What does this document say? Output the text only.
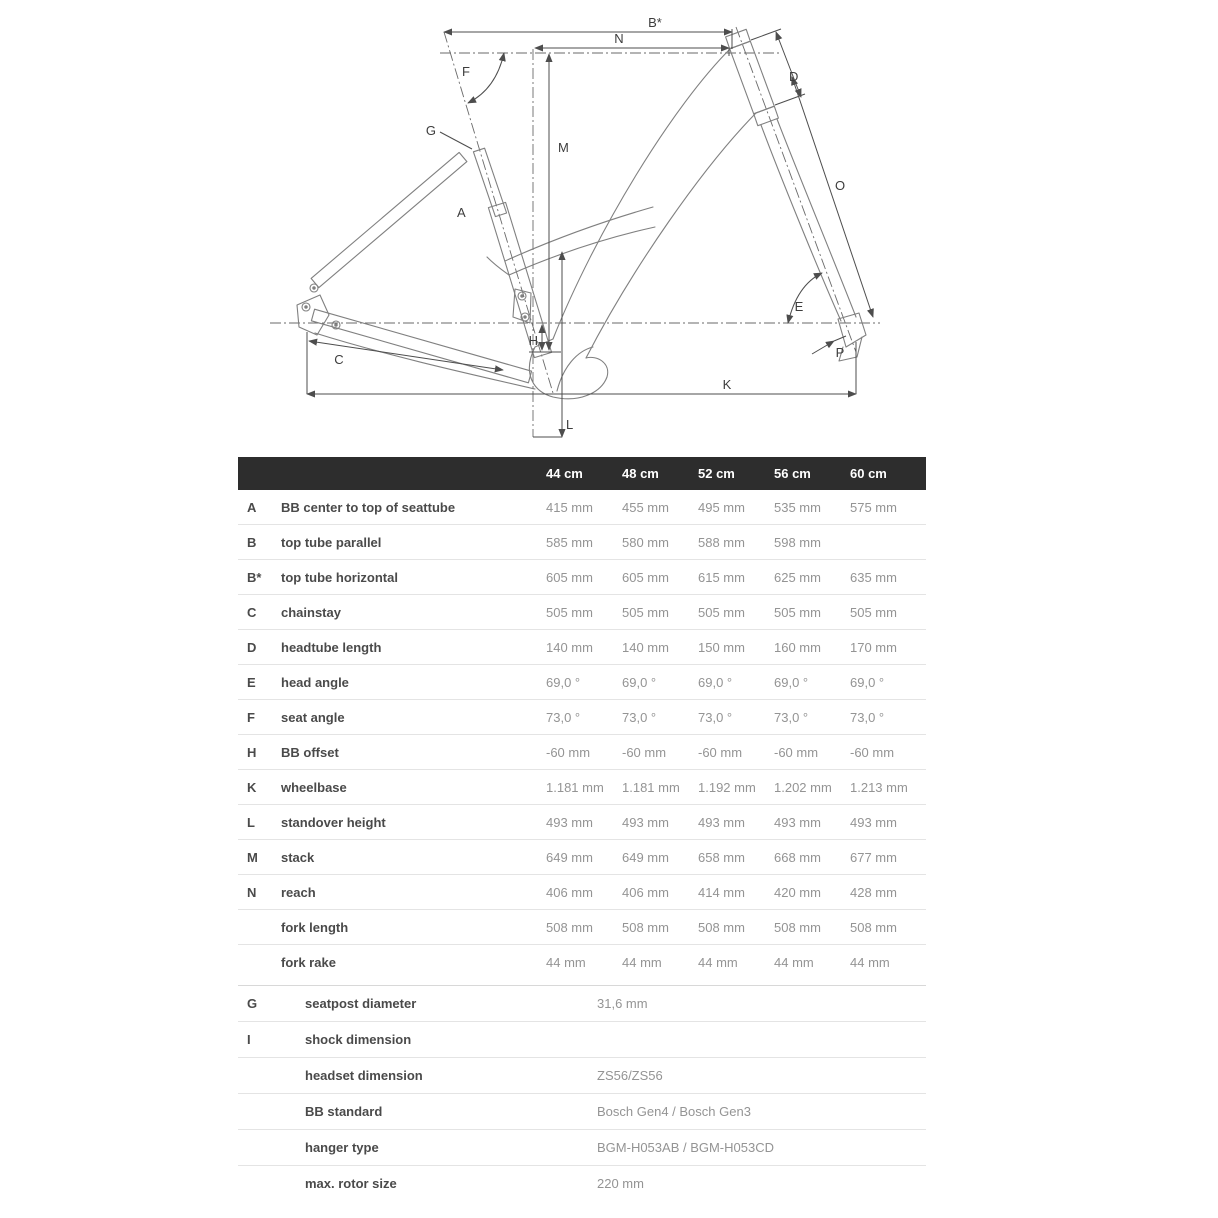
A
B*
C
D
E
F
G
H
K
L
M
N
O
P
44 cm	48 cm	52 cm	56 cm	60 cm
A	BB center to top of seattube	415 mm	455 mm	495 mm	535 mm	575 mm
B	top tube parallel	585 mm	580 mm	588 mm	598 mm
B*	top tube horizontal	605 mm	605 mm	615 mm	625 mm	635 mm
C	chainstay	505 mm	505 mm	505 mm	505 mm	505 mm
D	headtube length	140 mm	140 mm	150 mm	160 mm	170 mm
E	head angle	69,0 °	69,0 °	69,0 °	69,0 °	69,0 °
F	seat angle	73,0 °	73,0 °	73,0 °	73,0 °	73,0 °
H	BB offset	-60 mm	-60 mm	-60 mm	-60 mm	-60 mm
K	wheelbase	1.181 mm	1.181 mm	1.192 mm	1.202 mm	1.213 mm
L	standover height	493 mm	493 mm	493 mm	493 mm	493 mm
M	stack	649 mm	649 mm	658 mm	668 mm	677 mm
N	reach	406 mm	406 mm	414 mm	420 mm	428 mm
fork length	508 mm	508 mm	508 mm	508 mm	508 mm
fork rake	44 mm	44 mm	44 mm	44 mm	44 mm
G	seatpost diameter	31,6 mm
I	shock dimension
headset dimension	ZS56/ZS56
BB standard	Bosch Gen4 / Bosch Gen3
hanger type	BGM-H053AB / BGM-H053CD
max. rotor size	220 mm
